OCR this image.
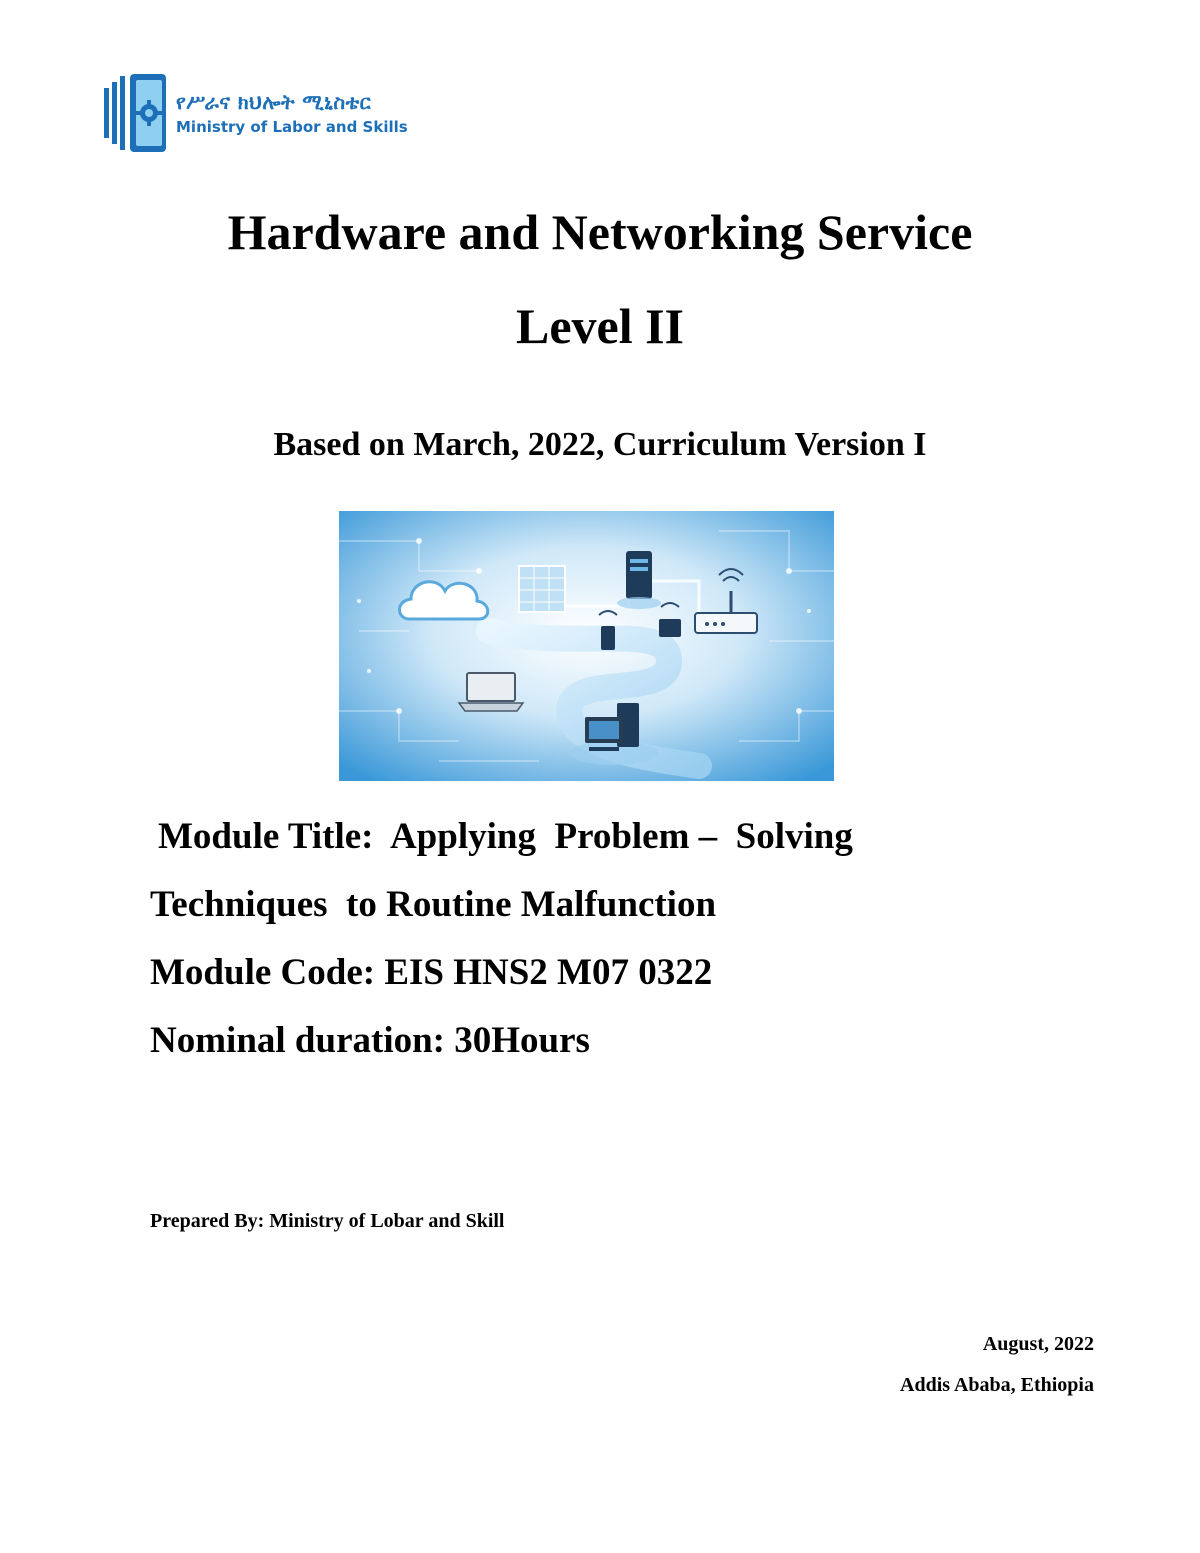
የሥራና ክህሎት ሚኒስቴር
Ministry of Labor and Skills
Hardware and Networking Service
Level II
Based on March, 2022, Curriculum Version I
Module Title:  Applying  Problem –  Solving
Techniques  to Routine Malfunction
Module Code: EIS HNS2 M07 0322
Nominal duration: 30Hours
Prepared By: Ministry of Lobar and Skill
August, 2022
Addis Ababa, Ethiopia
